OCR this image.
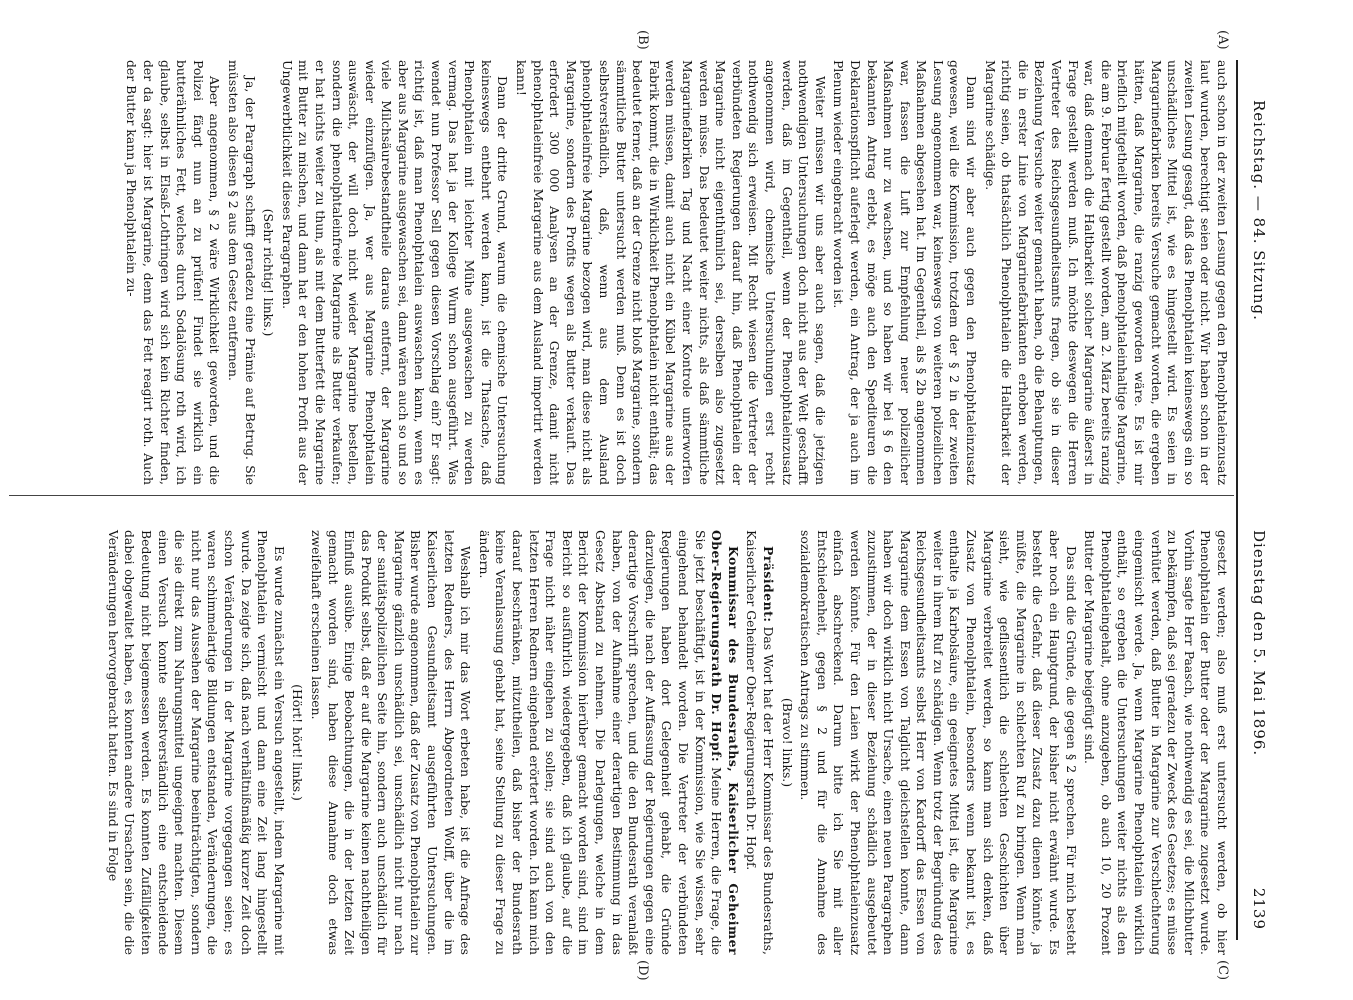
Reichstag. — 84. Sitzung.
Dienstag den 5. Mai 1896.
2139
(A)
(B)
(C)
(D)

auch schon in der zweiten Lesung gegen den Phenolphtaleinzusatz laut wurden, berechtigt seien oder nicht. Wir haben schon in der zweiten Lesung gesagt, daß das Phenolphtalein keineswegs ein so unschädliches Mittel ist, wie es hingestellt wird. Es seien in Margarinefabriken bereits Versuche gemacht worden, die ergeben hätten, daß Margarine, die ranzig geworden wäre. Es ist mir brieflich mitgetheilt worden, daß phenolphtaleinhaltige Margarine, die am 9. Februar fertig gestellt worden, am 2. März bereits ranzig war, daß demnach die Haltbarkeit solcher Margarine äußerst in Frage gestellt werden muß. Ich möchte deswegen die Herren Vertreter des Reichsgesundheitsamts fragen, ob sie in dieser Beziehung Versuche weiter gemacht haben, ob die Behauptungen, die in erster Linie von Margarinefabrikanten erhoben werden, richtig seien, ob thatsächlich Phenolphtalein die Haltbarkeit der Margarine schädige.

Dann sind wir aber auch gegen den Phenolphtaleinzusatz gewesen, weil die Kommission, trotzdem der § 2 in der zweiten Lesung angenommen war, keineswegs von weiteren polizeilichen Maßnahmen abgesehen hat. Im Gegentheil, als § 2b angenommen war, fassen die Luft zur Empfehlung neuer polizeilicher Maßnahmen nur zu wachsen, und so haben wir bei § 6 den bekannten Antrag erlebt, es möge auch den Spediteuren die Deklarationspflicht auferlegt werden, ein Antrag, der ja auch im Plenum wieder eingebracht worden ist.

Weiter müssen wir uns aber auch sagen, daß die jetzigen nothwendigen Untersuchungen doch nicht aus der Welt geschafft werden, daß im Gegentheil, wenn der Phenolphtaleinzusatz angenommen wird, chemische Untersuchungen erst recht nothwendig sich erweisen. Mit Recht wiesen die Vertreter der verbündeten Regierungen darauf hin, daß Phenolphtalein der Margarine nicht eigenthümlich sei, derselben also zugesetzt werden müsse. Das bedeutet weiter nichts, als daß sämmtliche Margarinefabriken Tag und Nacht einer Kontrole unterworfen werden müssen, damit auch nicht ein Kübel Margarine aus der Fabrik kommt, die in Wirklichkeit Phenolphtalein nicht enthält; das bedeutet ferner, daß an der Grenze nicht bloß Margarine, sondern sämmtliche Butter untersucht werden muß. Denn es ist doch selbstverständlich, daß, wenn aus dem Ausland phenolphtaleinfreie Margarine bezogen wird, man diese nicht als Margarine, sondern des Profits wegen als Butter verkauft. Das erfordert 300 000 Analysen an der Grenze, damit nicht phenolphtaleinfreie Margarine aus dem Ausland importirt werden kann!

Dann der dritte Grund, warum die chemische Untersuchung keineswegs entbehrt werden kann, ist die Thatsache, daß Phenolphtalein mit leichter Mühe ausgewaschen zu werden vermag. Das hat ja der Kollege Wurm schon ausgeführt. Was wendet nun Professor Sell gegen diesen Vorschlag ein? Er sagt: richtig ist, daß man Phenolphtalein auswaschen kann, wenn es aber aus Margarine ausgewaschen sei, dann wären auch so und so viele Milchsäurebestandtheile daraus entfernt, der Margarine wieder einzufügen. Ja, wer aus Margarine Phenolphtalein auswäscht, der will doch nicht wieder Margarine bestellen, sondern die phenolphtaleinfreie Margarine als Butter verkaufen; er hat nichts weiter zu thun, als mit dem Butterfett die Margarine mit Butter zu mischen, und dann hat er den hohen Profit aus der Ungewerbtlichkeit dieses Paragraphen.

(Sehr richtig! links.)

Ja, der Paragraph schafft geradezu eine Prämie auf Betrug. Sie müssten also diesen § 2 aus dem Gesetz entfernen.

Aber angenommen, § 2 wäre Wirklichkeit geworden, und die Polizei fängt nun an zu prüfen! Findet sie wirklich ein butterähnliches Fett, welches durch Sodalösung roth wird, ich glaube, selbst in Elsaß-Lothringen wird sich kein Richter finden, der da sagt: hier ist Margarine, denn das Fett reagirt roth. Auch der Butter kann ja Phenolphtalein zu-

gesetzt werden; also muß erst untersucht werden, ob hier Phenolphtalein der Butter oder der Margarine zugesetzt wurde. Vorhin sagte Herr Paasch, wie nothwendig es sei, die Milchbutter zu bekämpfen, daß sei geradezu der Zweck des Gesetzes; es müsse verhütet werden, daß Butter in Margarine zur Verschlechterung eingemischt werde. Ja, wenn Margarine Phenolphtalein wirklich enthält, so ergeben die Untersuchungen weiter nichts als den Phenolphtaleingehalt, ohne anzugeben, ob auch 10, 20 Prozent Butter der Margarine beigefügt sind.

Das sind die Gründe, die gegen § 2 sprechen. Für mich besteht aber noch ein Hauptgrund, der bisher nicht erwähnt wurde. Es besteht die Gefahr, daß dieser Zusatz dazu dienen könnte, ja müßte, die Margarine in schlechten Ruf zu bringen. Wenn man sieht, wie geflissentlich die schlechten Geschichten über Margarine verbreitet werden, so kann man sich denken, daß Zusatz von Phenolphtalein, besonders wenn bekannt ist, es enthalte ja Karbolsäure, ein geeignetes Mittel ist, die Margarine weiter in ihrem Ruf zu schädigen. Wenn trotz der Begründung des Reichsgesundheitsamts selbst Herr von Kardorff das Essen von Margarine dem Essen von Talglicht gleichstellen konnte, dann haben wir doch wirklich nicht Ursache, einen neuen Paragraphen zuzustimmen, der in dieser Beziehung schädlich ausgebeutet werden könnte. Für den Laien wirkt der Phenolphtaleinzusatz einfach abschreckend. Darum bitte ich Sie mit aller Entschiedenheit, gegen § 2 und für die Annahme des sozialdemokratischen Antrags zu stimmen.

(Bravo! links.)

Präsident: Das Wort hat der Herr Kommissar des Bundesraths, Kaiserlicher Geheimer Ober-Regierungsrath Dr. Hopf.

Kommissar des Bundesraths, Kaiserlicher Geheimer Ober-Regierungsrath Dr. Hopf: Meine Herren, die Frage, die Sie jetzt beschäftigt, ist in der Kommission, wie Sie wissen, sehr eingehend behandelt worden. Die Vertreter der verbündeten Regierungen haben dort Gelegenheit gehabt, die Gründe darzulegen, die nach der Auffassung der Regierungen gegen eine derartige Vorschrift sprechen, und die den Bundesrath veranlaßt haben, von der Aufnahme einer derartigen Bestimmung in das Gesetz Abstand zu nehmen. Die Darlegungen, welche in dem Bericht der Kommission hierüber gemacht worden sind, sind im Bericht so ausführlich wiedergegeben, daß ich glaube, auf die Frage nicht näher eingehen zu sollen; sie sind auch von den letzten Herren Rednern eingehend erörtert worden. Ich kann mich darauf beschränken, mitzutheilen, daß bisher der Bundesrath keine Veranlassung gehabt hat, seine Stellung zu dieser Frage zu ändern.

Weshalb ich mir das Wort erbeten habe, ist die Anfrage des letzten Redners, des Herrn Abgeordneten Wolff, über die im Kaiserlichen Gesundheitsamt ausgeführten Untersuchungen. Bisher wurde angenommen, daß der Zusatz von Phenolphtalein zur Margarine gänzlich unschädlich sei, unschädlich nicht nur nach der sanitätspolizeilichen Seite hin, sondern auch unschädlich für das Produkt selbst, daß er auf die Margarine keinen nachtheiligen Einfluß ausübe. Einige Beobachtungen, die in der letzten Zeit gemacht worden sind, haben diese Annahme doch etwas zweifelhaft erscheinen lassen.

(Hört! hört! links.)

Es wurde zunächst ein Versuch angestellt, indem Margarine mit Phenolphtalein vermischt und dann eine Zeit lang hingestellt wurde. Da zeigte sich, daß nach verhältnißmäßig kurzer Zeit doch schon Veränderungen in der Margarine vorgegangen seien; es waren schimmelartige Bildungen entstanden, Veränderungen, die nicht nur das Aussehen der Margarine beeinträchtigten, sondern die sie direkt zum Nahrungsmittel ungeeignet machten. Diesem einen Versuch konnte selbstverständlich eine entscheidende Bedeutung nicht beigemessen werden. Es konnten Zufälligkeiten dabei obgewaltet haben, es konnten andere Ursachen sein, die die Veränderungen hervorgebracht hatten. Es sind in Folge
